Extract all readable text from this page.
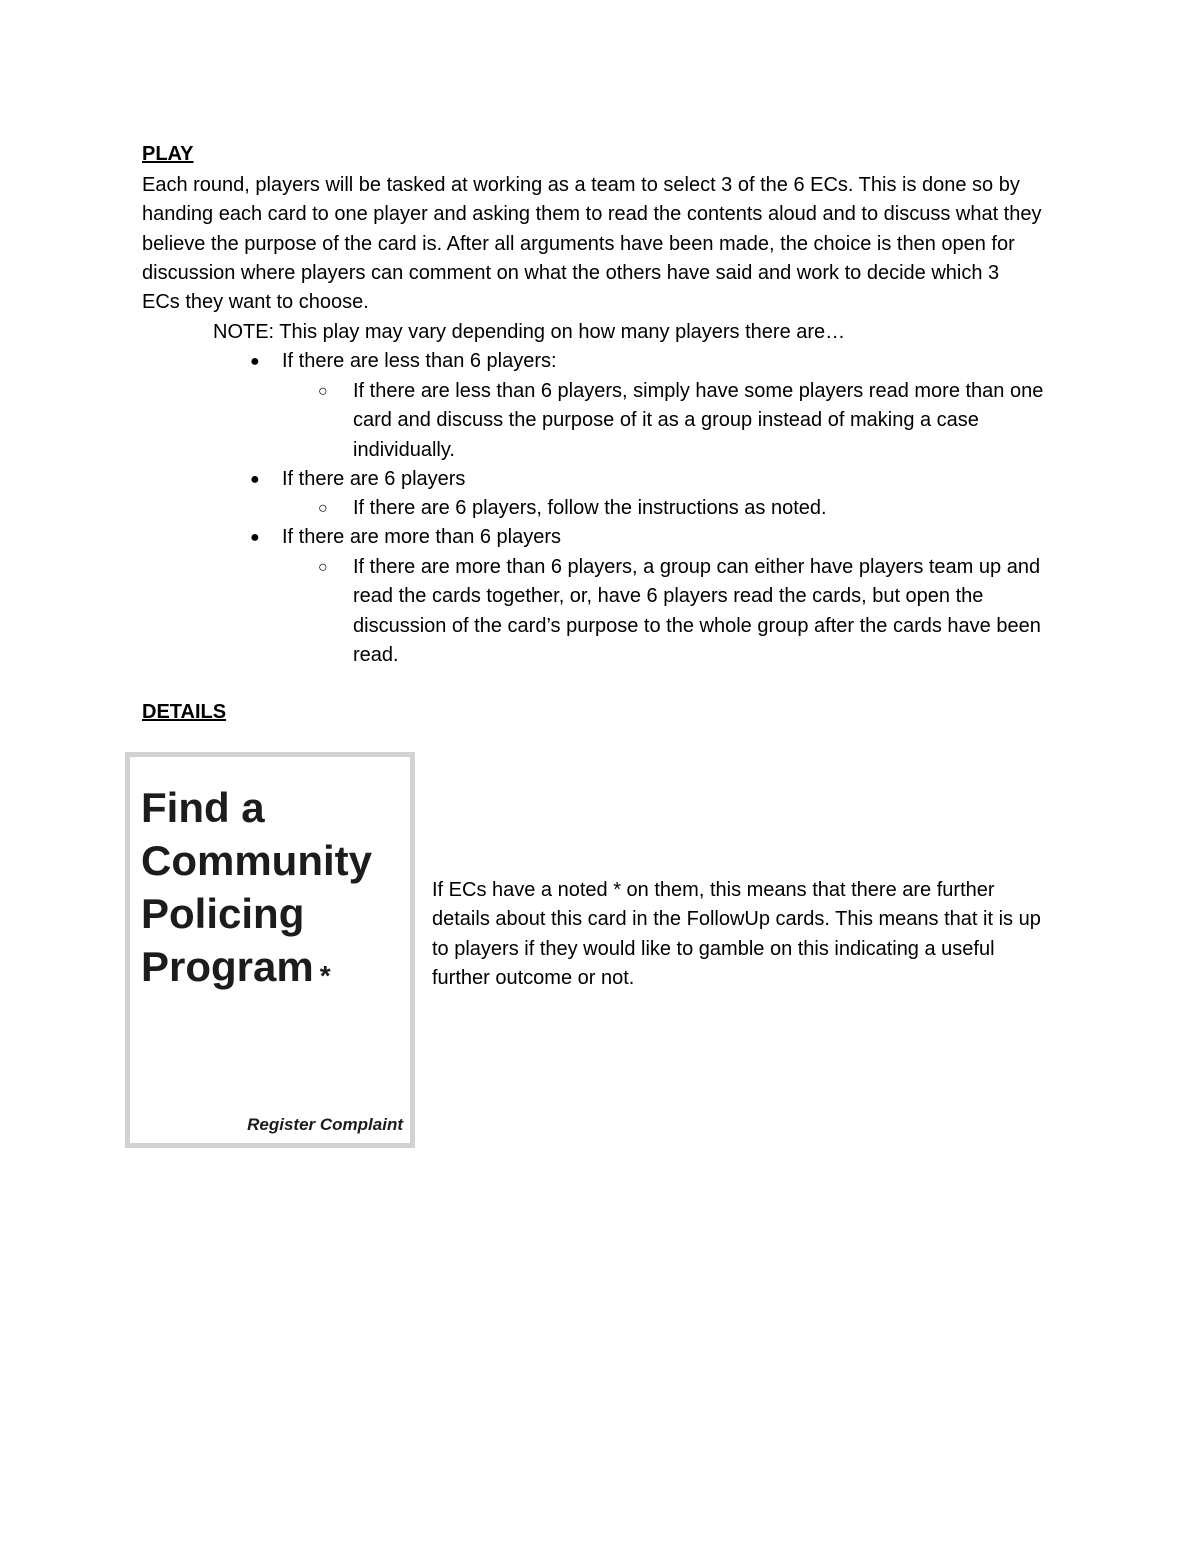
PLAY

Each round, players will be tasked at working as a team to select 3 of the 6 ECs. This is done so by handing each card to one player and asking them to read the contents aloud and to discuss what they believe the purpose of the card is. After all arguments have been made, the choice is then open for discussion where players can comment on what the others have said and work to decide which 3 ECs they want to choose.

NOTE: This play may vary depending on how many players there are…

● If there are less than 6 players:
○ If there are less than 6 players, simply have some players read more than one card and discuss the purpose of it as a group instead of making a case individually.
● If there are 6 players
○ If there are 6 players, follow the instructions as noted.
● If there are more than 6 players
○ If there are more than 6 players, a group can either have players team up and read the cards together, or, have 6 players read the cards, but open the discussion of the card’s purpose to the whole group after the cards have been read.
DETAILS
Find a
Community
Policing
Program *
Register Complaint

If ECs have a noted * on them, this means that there are further details about this card in the FollowUp cards. This means that it is up to players if they would like to gamble on this indicating a useful further outcome or not.
